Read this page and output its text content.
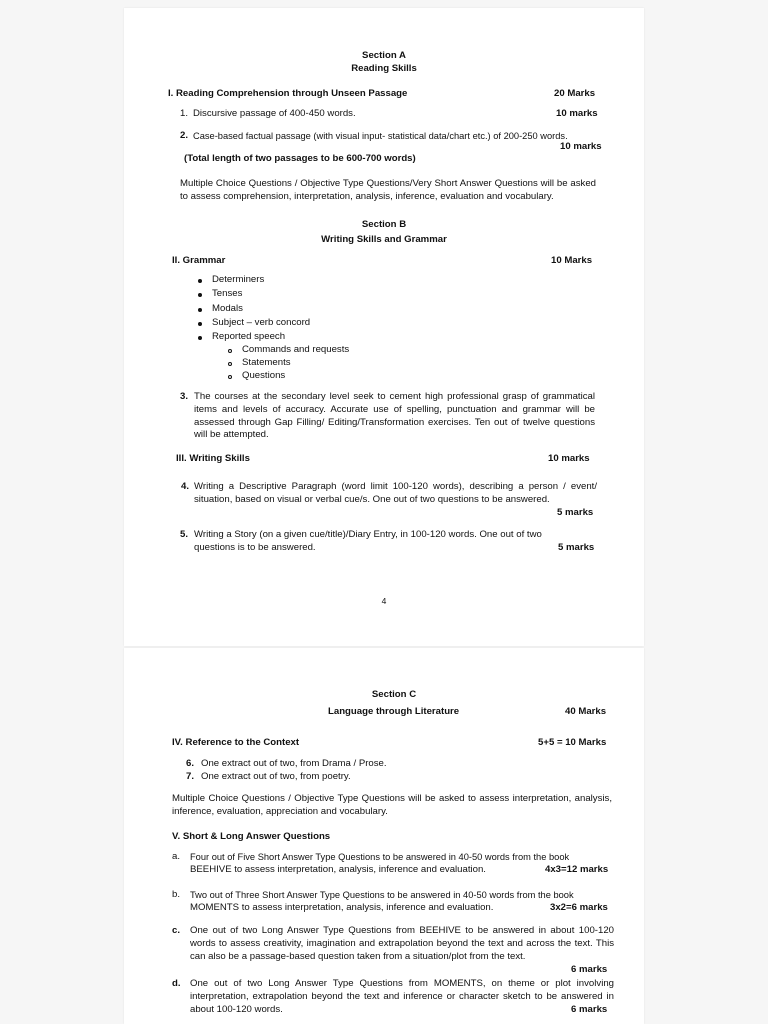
Section A
Reading Skills
I. Reading Comprehension through Unseen Passage	20 Marks
1. Discursive passage of 400-450 words.	10 marks
2. Case-based factual passage (with visual input- statistical data/chart etc.) of 200-250 words.
10 marks
(Total length of two passages to be 600-700 words)
Multiple Choice Questions / Objective Type Questions/Very Short Answer Questions will be asked to assess comprehension, interpretation, analysis, inference, evaluation and vocabulary.
Section B
Writing Skills and Grammar
II. Grammar	10 Marks
Determiners
Tenses
Modals
Subject – verb concord
Reported speech
Commands and requests
Statements
Questions
3. The courses at the secondary level seek to cement high professional grasp of grammatical items and levels of accuracy. Accurate use of spelling, punctuation and grammar will be assessed through Gap Filling/ Editing/Transformation exercises. Ten out of twelve questions will be attempted.
III. Writing Skills	10 marks
4. Writing a Descriptive Paragraph (word limit 100-120 words), describing a person / event/ situation, based on visual or verbal cue/s. One out of two questions to be answered.
5 marks
5. Writing a Story (on a given cue/title)/Diary Entry, in 100-120 words. One out of two
questions is to be answered.	5 marks
4
Section C
Language through Literature	40 Marks
IV. Reference to the Context	5+5 = 10 Marks
6. One extract out of two, from Drama / Prose.
7. One extract out of two, from poetry.
Multiple Choice Questions / Objective Type Questions will be asked to assess interpretation, analysis, inference, evaluation, appreciation and vocabulary.
V. Short & Long Answer Questions
a. Four out of Five Short Answer Type Questions to be answered in 40-50 words from the book
BEEHIVE to assess interpretation, analysis, inference and evaluation.	4x3=12 marks
b. Two out of Three Short Answer Type Questions to be answered in 40-50 words from the book
MOMENTS to assess interpretation, analysis, inference and evaluation.	3x2=6 marks
c. One out of two Long Answer Type Questions from BEEHIVE to be answered in about 100-120 words to assess creativity, imagination and extrapolation beyond the text and across the text. This can also be a passage-based question taken from a situation/plot from the text.
6 marks
d. One out of two Long Answer Type Questions from MOMENTS, on theme or plot involving interpretation, extrapolation beyond the text and inference or character sketch to be answered in about 100-120 words.	6 marks
